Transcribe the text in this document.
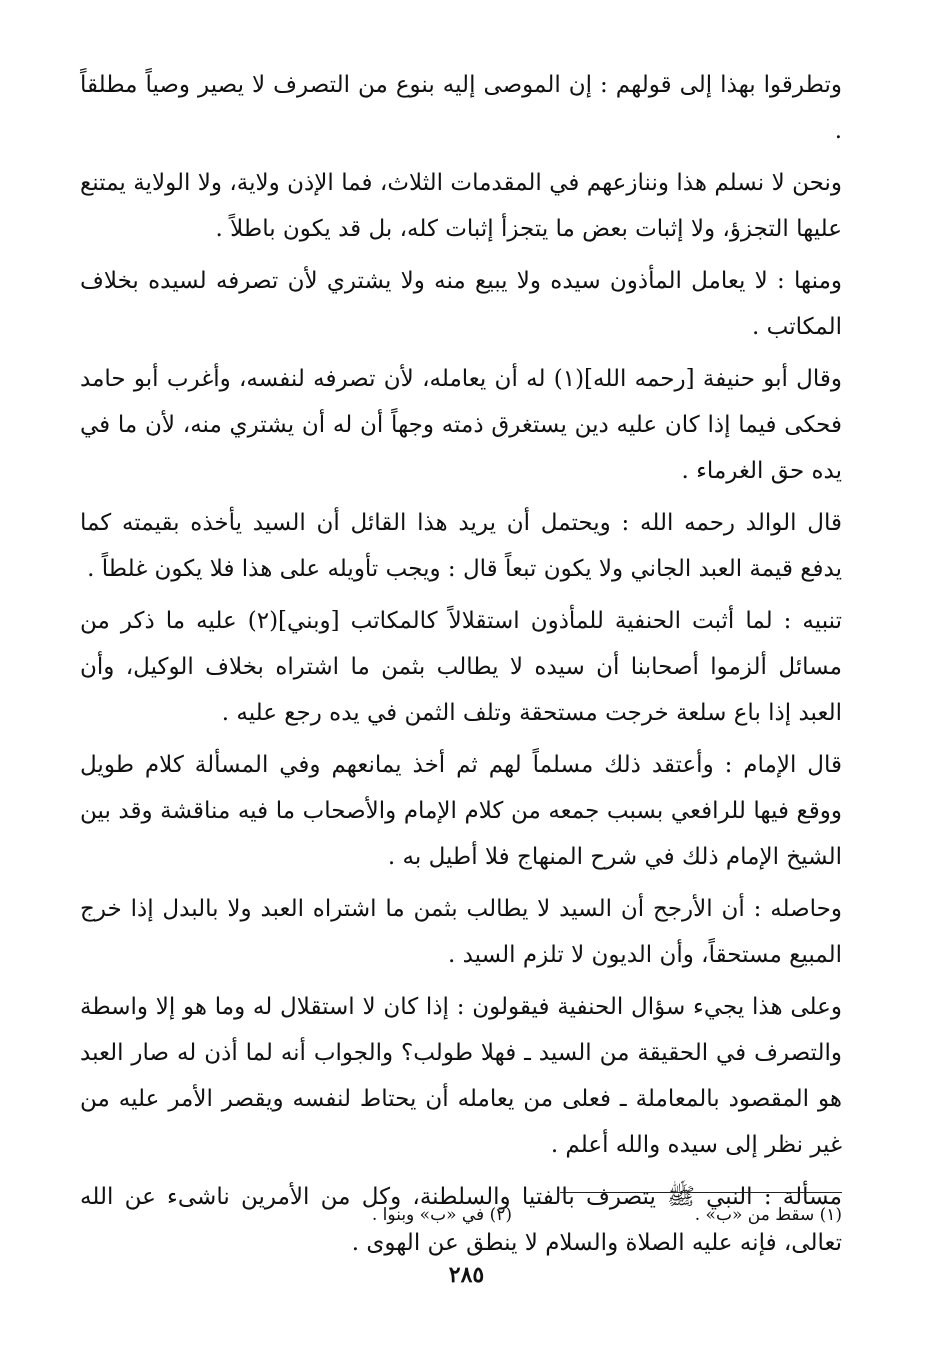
وتطرقوا بهذا إلى قولهم : إن الموصى إليه بنوع من التصرف لا يصير وصياً مطلقاً .

ونحن لا نسلم هذا وننازعهم في المقدمات الثلاث، فما الإذن ولاية، ولا الولاية يمتنع عليها التجزؤ، ولا إثبات بعض ما يتجزأ إثبات كله، بل قد يكون باطلاً .

ومنها : لا يعامل المأذون سيده ولا يبيع منه ولا يشتري لأن تصرفه لسيده بخلاف المكاتب .

وقال أبو حنيفة [رحمه الله](١) له أن يعامله، لأن تصرفه لنفسه، وأغرب أبو حامد فحكى فيما إذا كان عليه دين يستغرق ذمته وجهاً أن له أن يشتري منه، لأن ما في يده حق الغرماء .

قال الوالد رحمه الله : ويحتمل أن يريد هذا القائل أن السيد يأخذه بقيمته كما يدفع قيمة العبد الجاني ولا يكون تبعاً قال : ويجب تأويله على هذا فلا يكون غلطاً .

تنبيه : لما أثبت الحنفية للمأذون استقلالاً كالمكاتب [وبني](٢) عليه ما ذكر من مسائل ألزموا أصحابنا أن سيده لا يطالب بثمن ما اشتراه بخلاف الوكيل، وأن العبد إذا باع سلعة خرجت مستحقة وتلف الثمن في يده رجع عليه .

قال الإمام : وأعتقد ذلك مسلماً لهم ثم أخذ يمانعهم وفي المسألة كلام طويل ووقع فيها للرافعي بسبب جمعه من كلام الإمام والأصحاب ما فيه مناقشة وقد بين الشيخ الإمام ذلك في شرح المنهاج فلا أطيل به .

وحاصله : أن الأرجح أن السيد لا يطالب بثمن ما اشتراه العبد ولا بالبدل إذا خرج المبيع مستحقاً، وأن الديون لا تلزم السيد .

وعلى هذا يجيء سؤال الحنفية فيقولون : إذا كان لا استقلال له وما هو إلا واسطة والتصرف في الحقيقة من السيد ـ فهلا طولب؟ والجواب أنه لما أذن له صار العبد هو المقصود بالمعاملة ـ فعلى من يعامله أن يحتاط لنفسه ويقصر الأمر عليه من غير نظر إلى سيده والله أعلم .

مسألة : النبي ﷺ يتصرف بالفتيا والسلطنة، وكل من الأمرين ناشىء عن الله تعالى، فإنه عليه الصلاة والسلام لا ينطق عن الهوى .

(١) سقط من «ب» .
(٢) في «ب» وبنوا .
٢٨٥
